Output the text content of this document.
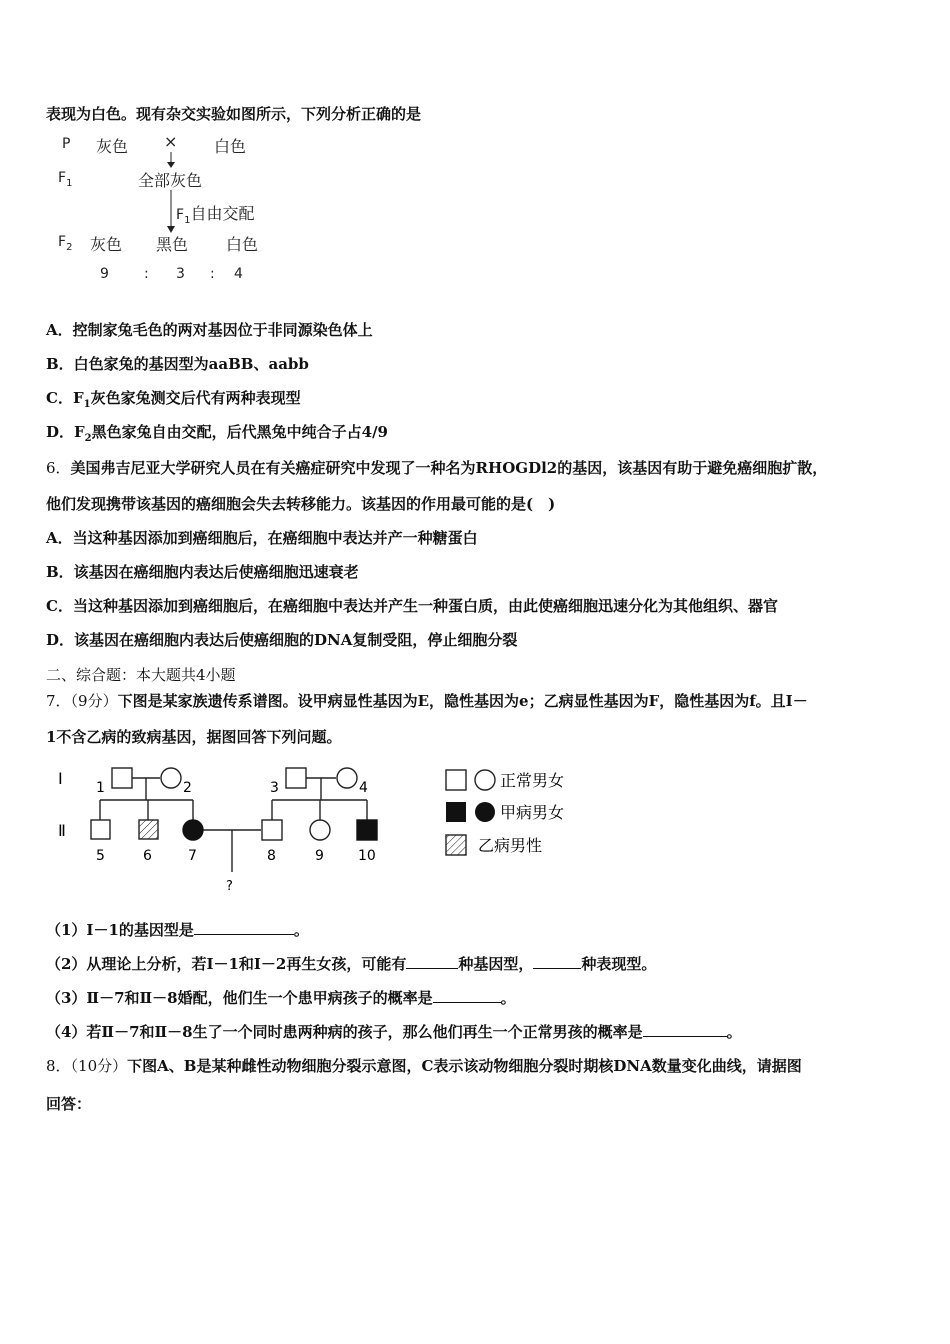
表现为白色。现有杂交实验如图所示，下列分析正确的是
P 灰色 × 白色
$F_1$	全部灰色
$F_1$自由交配
$F_2$ 灰色 黑色 白色
9	: 3 : 4
A．控制家兔毛色的两对基因位于非同源染色体上
B．白色家兔的基因型为aaBB、aabb
C．$F_1$灰色家兔测交后代有两种表现型
D．$F_2$黑色家兔自由交配，后代黑兔中纯合子占4/9
6．美国弗吉尼亚大学研究人员在有关癌症研究中发现了一种名为RHOGDl2的基因，该基因有助于避免癌细胞扩散，
他们发现携带该基因的癌细胞会失去转移能力。该基因的作用最可能的是(　)
A．当这种基因添加到癌细胞后，在癌细胞中表达并产一种糖蛋白
B．该基因在癌细胞内表达后使癌细胞迅速衰老
C．当这种基因添加到癌细胞后，在癌细胞中表达并产生一种蛋白质，由此使癌细胞迅速分化为其他组织、器官
D．该基因在癌细胞内表达后使癌细胞的DNA复制受阻，停止细胞分裂
二、综合题：本大题共4小题
7．（9分）下图是某家族遗传系谱图。设甲病显性基因为E，隐性基因为e；乙病显性基因为F，隐性基因为f。且Ⅰ－
1不含乙病的致病基因，据图回答下列问题。
Ⅰ
Ⅱ
1	2
5	6	7
?
3	4
8	9 10
正常男女
甲病男女
乙病男性
（1）Ⅰ－1的基因型是	。
（2）从理论上分析，若Ⅰ－1和Ⅰ－2再生女孩，可能有	种基因型，	种表现型。
（3）Ⅱ－7和Ⅱ－8婚配，他们生一个患甲病孩子的概率是	。
（4）若Ⅱ－7和Ⅱ－8生了一个同时患两种病的孩子，那么他们再生一个正常男孩的概率是	。
8．（10分）下图A、B是某种雌性动物细胞分裂示意图，C表示该动物细胞分裂时期核DNA数量变化曲线，请据图
回答：
